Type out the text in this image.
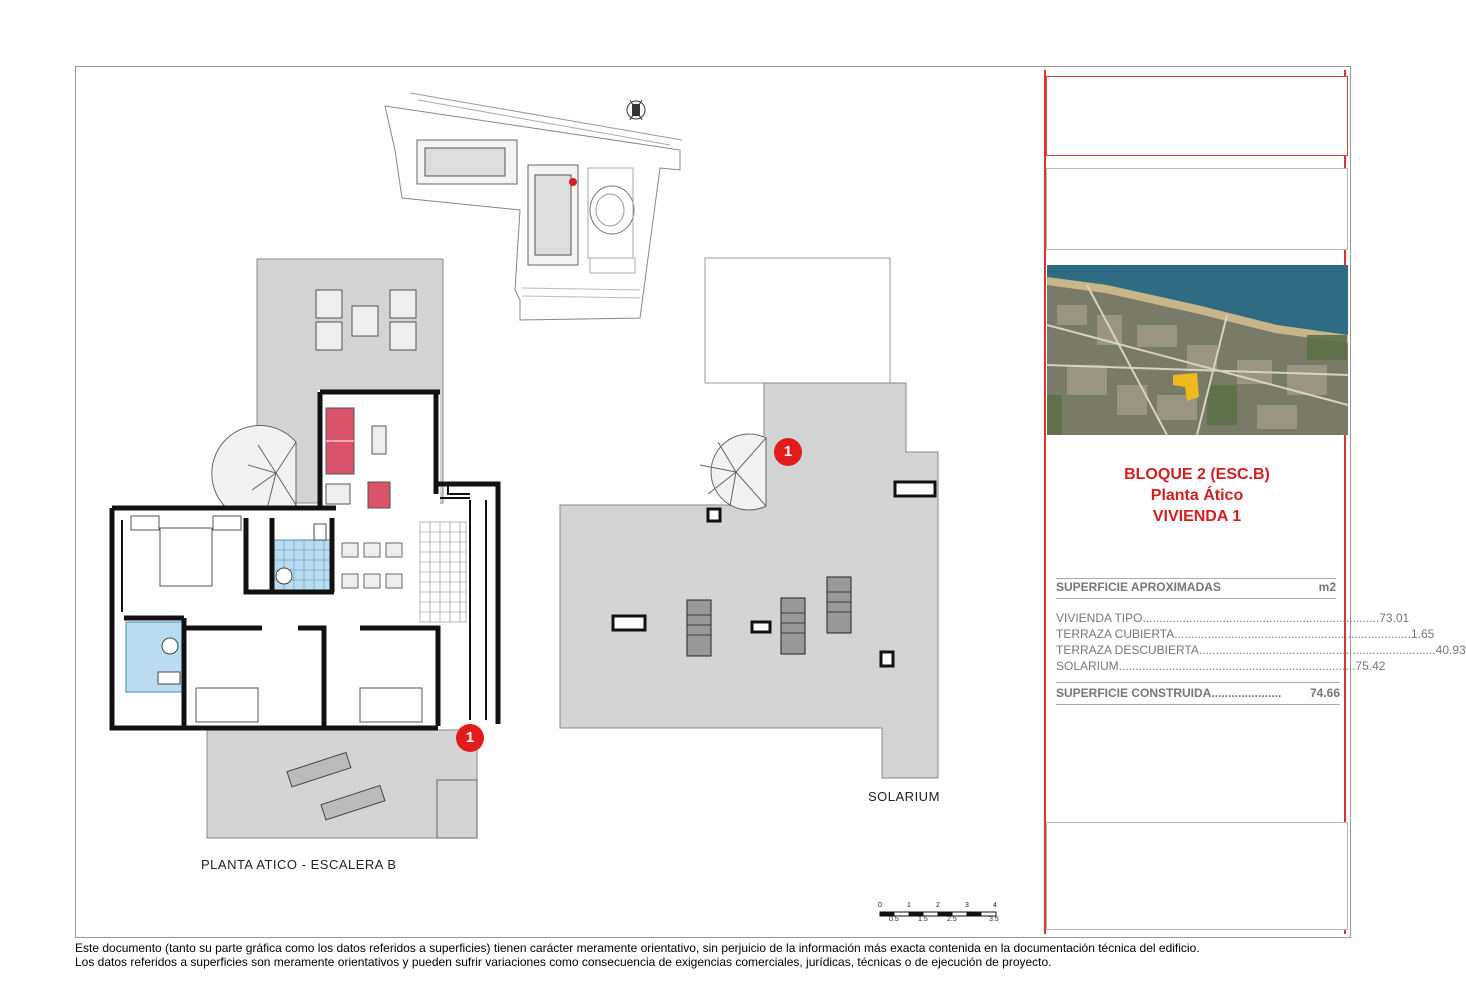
BLOQUE 2 (ESC.B)
Planta Ático
VIVIENDA 1
SUPERFICIE APROXIMADAS	m2
VIVIENDA TIPO....................................................................... 73.01
TERRAZA CUBIERTA....................................................................... 1.65
TERRAZA DESCUBIERTA....................................................................... 40.93
SOLARIUM....................................................................... 75.42
SUPERFICIE CONSTRUIDA..................... 74.66
PLANTA ATICO - ESCALERA B
SOLARIUM
1
1
0	1	2	3	4
0.5	1.5	2.5	3.5
Este documento (tanto su parte gráfica como los datos referidos a superficies) tienen carácter meramente orientativo, sin perjuicio de la información más exacta contenida en la documentación técnica del edificio.
Los datos referidos a superficies son meramente orientativos y pueden sufrir variaciones como consecuencia de exigencias comerciales, jurídicas, técnicas o de ejecución de proyecto.
